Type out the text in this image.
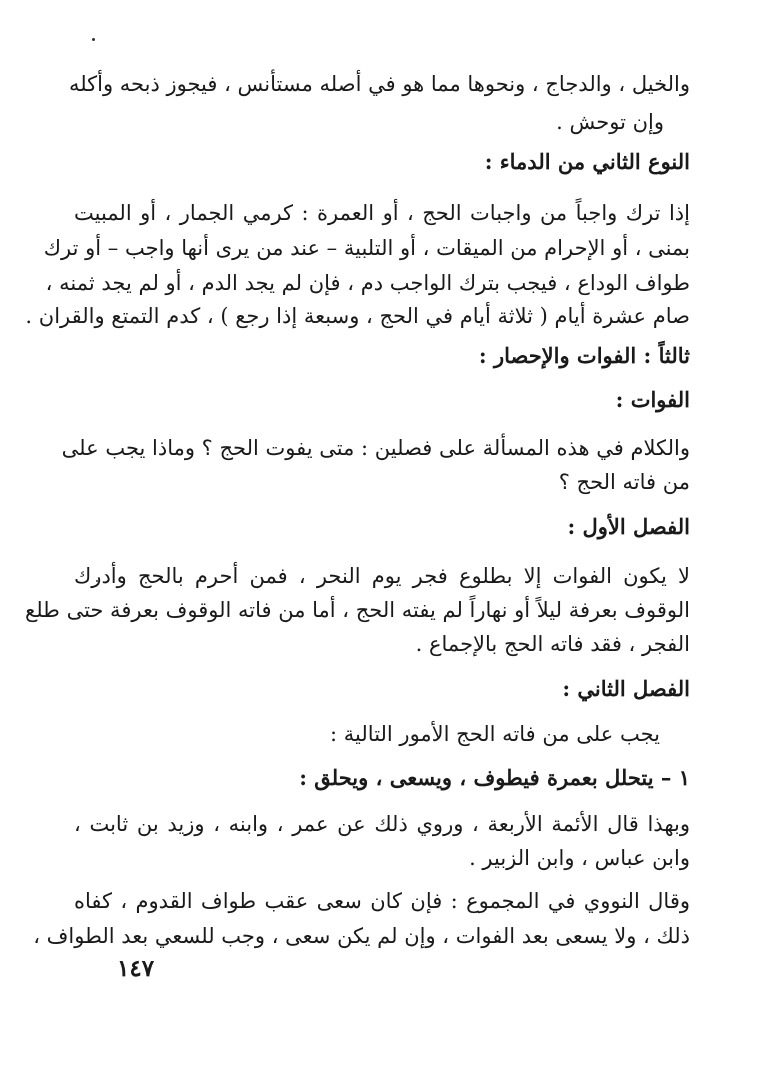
والخيل ، والدجاج ، ونحوها مما هو في أصله مستأنس ، فيجوز ذبحه وأكله
وإن توحش .
النوع الثاني من الدماء :
إذا ترك واجباً من واجبات الحج ، أو العمرة : كرمي الجمار ، أو المبيت
بمنى ، أو الإحرام من الميقات ، أو التلبية – عند من يرى أنها واجب – أو ترك
طواف الوداع ، فيجب بترك الواجب دم ، فإن لم يجد الدم ، أو لم يجد ثمنه ،
صام عشرة أيام ( ثلاثة أيام في الحج ، وسبعة إذا رجع ) ، كدم التمتع والقران .
ثالثاً : الفوات والإحصار :
الفوات :
والكلام في هذه المسألة على فصلين : متى يفوت الحج ؟ وماذا يجب على
من فاته الحج ؟
الفصل الأول :
لا يكون الفوات إلا بطلوع فجر يوم النحر ، فمن أحرم بالحج وأدرك
الوقوف بعرفة ليلاً أو نهاراً لم يفته الحج ، أما من فاته الوقوف بعرفة حتى طلع
الفجر ، فقد فاته الحج بالإجماع .
الفصل الثاني :
يجب على من فاته الحج الأمور التالية :
١ – يتحلل بعمرة فيطوف ، ويسعى ، ويحلق :
وبهذا قال الأئمة الأربعة ، وروي ذلك عن عمر ، وابنه ، وزيد بن ثابت ،
وابن عباس ، وابن الزبير .
وقال النووي في المجموع : فإن كان سعى عقب طواف القدوم ، كفاه
ذلك ، ولا يسعى بعد الفوات ، وإن لم يكن سعى ، وجب للسعي بعد الطواف ،
١٤٧
